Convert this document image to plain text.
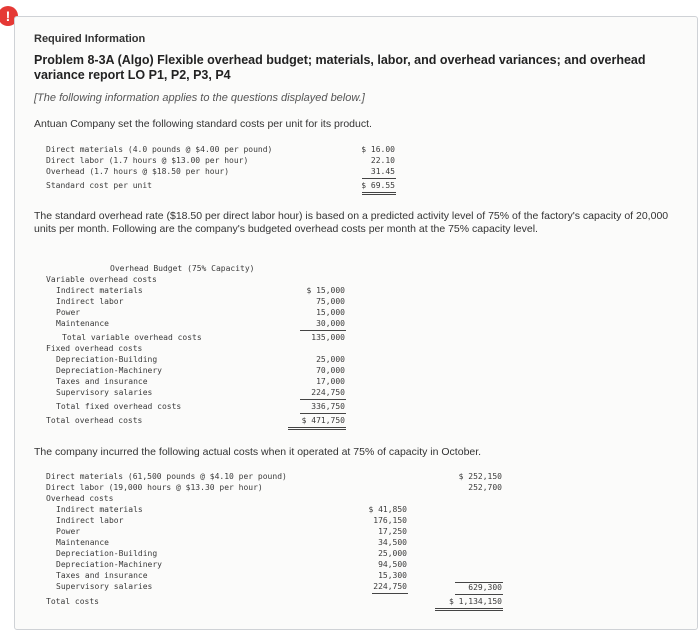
!
Required Information
Problem 8-3A (Algo) Flexible overhead budget; materials, labor, and overhead variances; and overhead variance report LO P1, P2, P3, P4
[The following information applies to the questions displayed below.]
Antuan Company set the following standard costs per unit for its product.
Direct materials (4.0 pounds @ $4.00 per pound)	$ 16.00
Direct labor (1.7 hours @ $13.00 per hour)	22.10
Overhead (1.7 hours @ $18.50 per hour)	31.45
Standard cost per unit	$ 69.55
The standard overhead rate ($18.50 per direct labor hour) is based on a predicted activity level of 75% of the factory's capacity of 20,000 units per month. Following are the company's budgeted overhead costs per month at the 75% capacity level.
Overhead Budget (75% Capacity)
Variable overhead costs
Indirect materials	$ 15,000
Indirect labor	75,000
Power	15,000
Maintenance	30,000
Total variable overhead costs	135,000
Fixed overhead costs
Depreciation-Building	25,000
Depreciation-Machinery	70,000
Taxes and insurance	17,000
Supervisory salaries	224,750
Total fixed overhead costs	336,750
Total overhead costs	$ 471,750
The company incurred the following actual costs when it operated at 75% of capacity in October.
Direct materials (61,500 pounds @ $4.10 per pound)	$ 252,150
Direct labor (19,000 hours @ $13.30 per hour)	252,700
Overhead costs
Indirect materials	$ 41,850
Indirect labor	176,150
Power	17,250
Maintenance	34,500
Depreciation-Building	25,000
Depreciation-Machinery	94,500
Taxes and insurance	15,300
Supervisory salaries	224,750	629,300
Total costs	$ 1,134,150
